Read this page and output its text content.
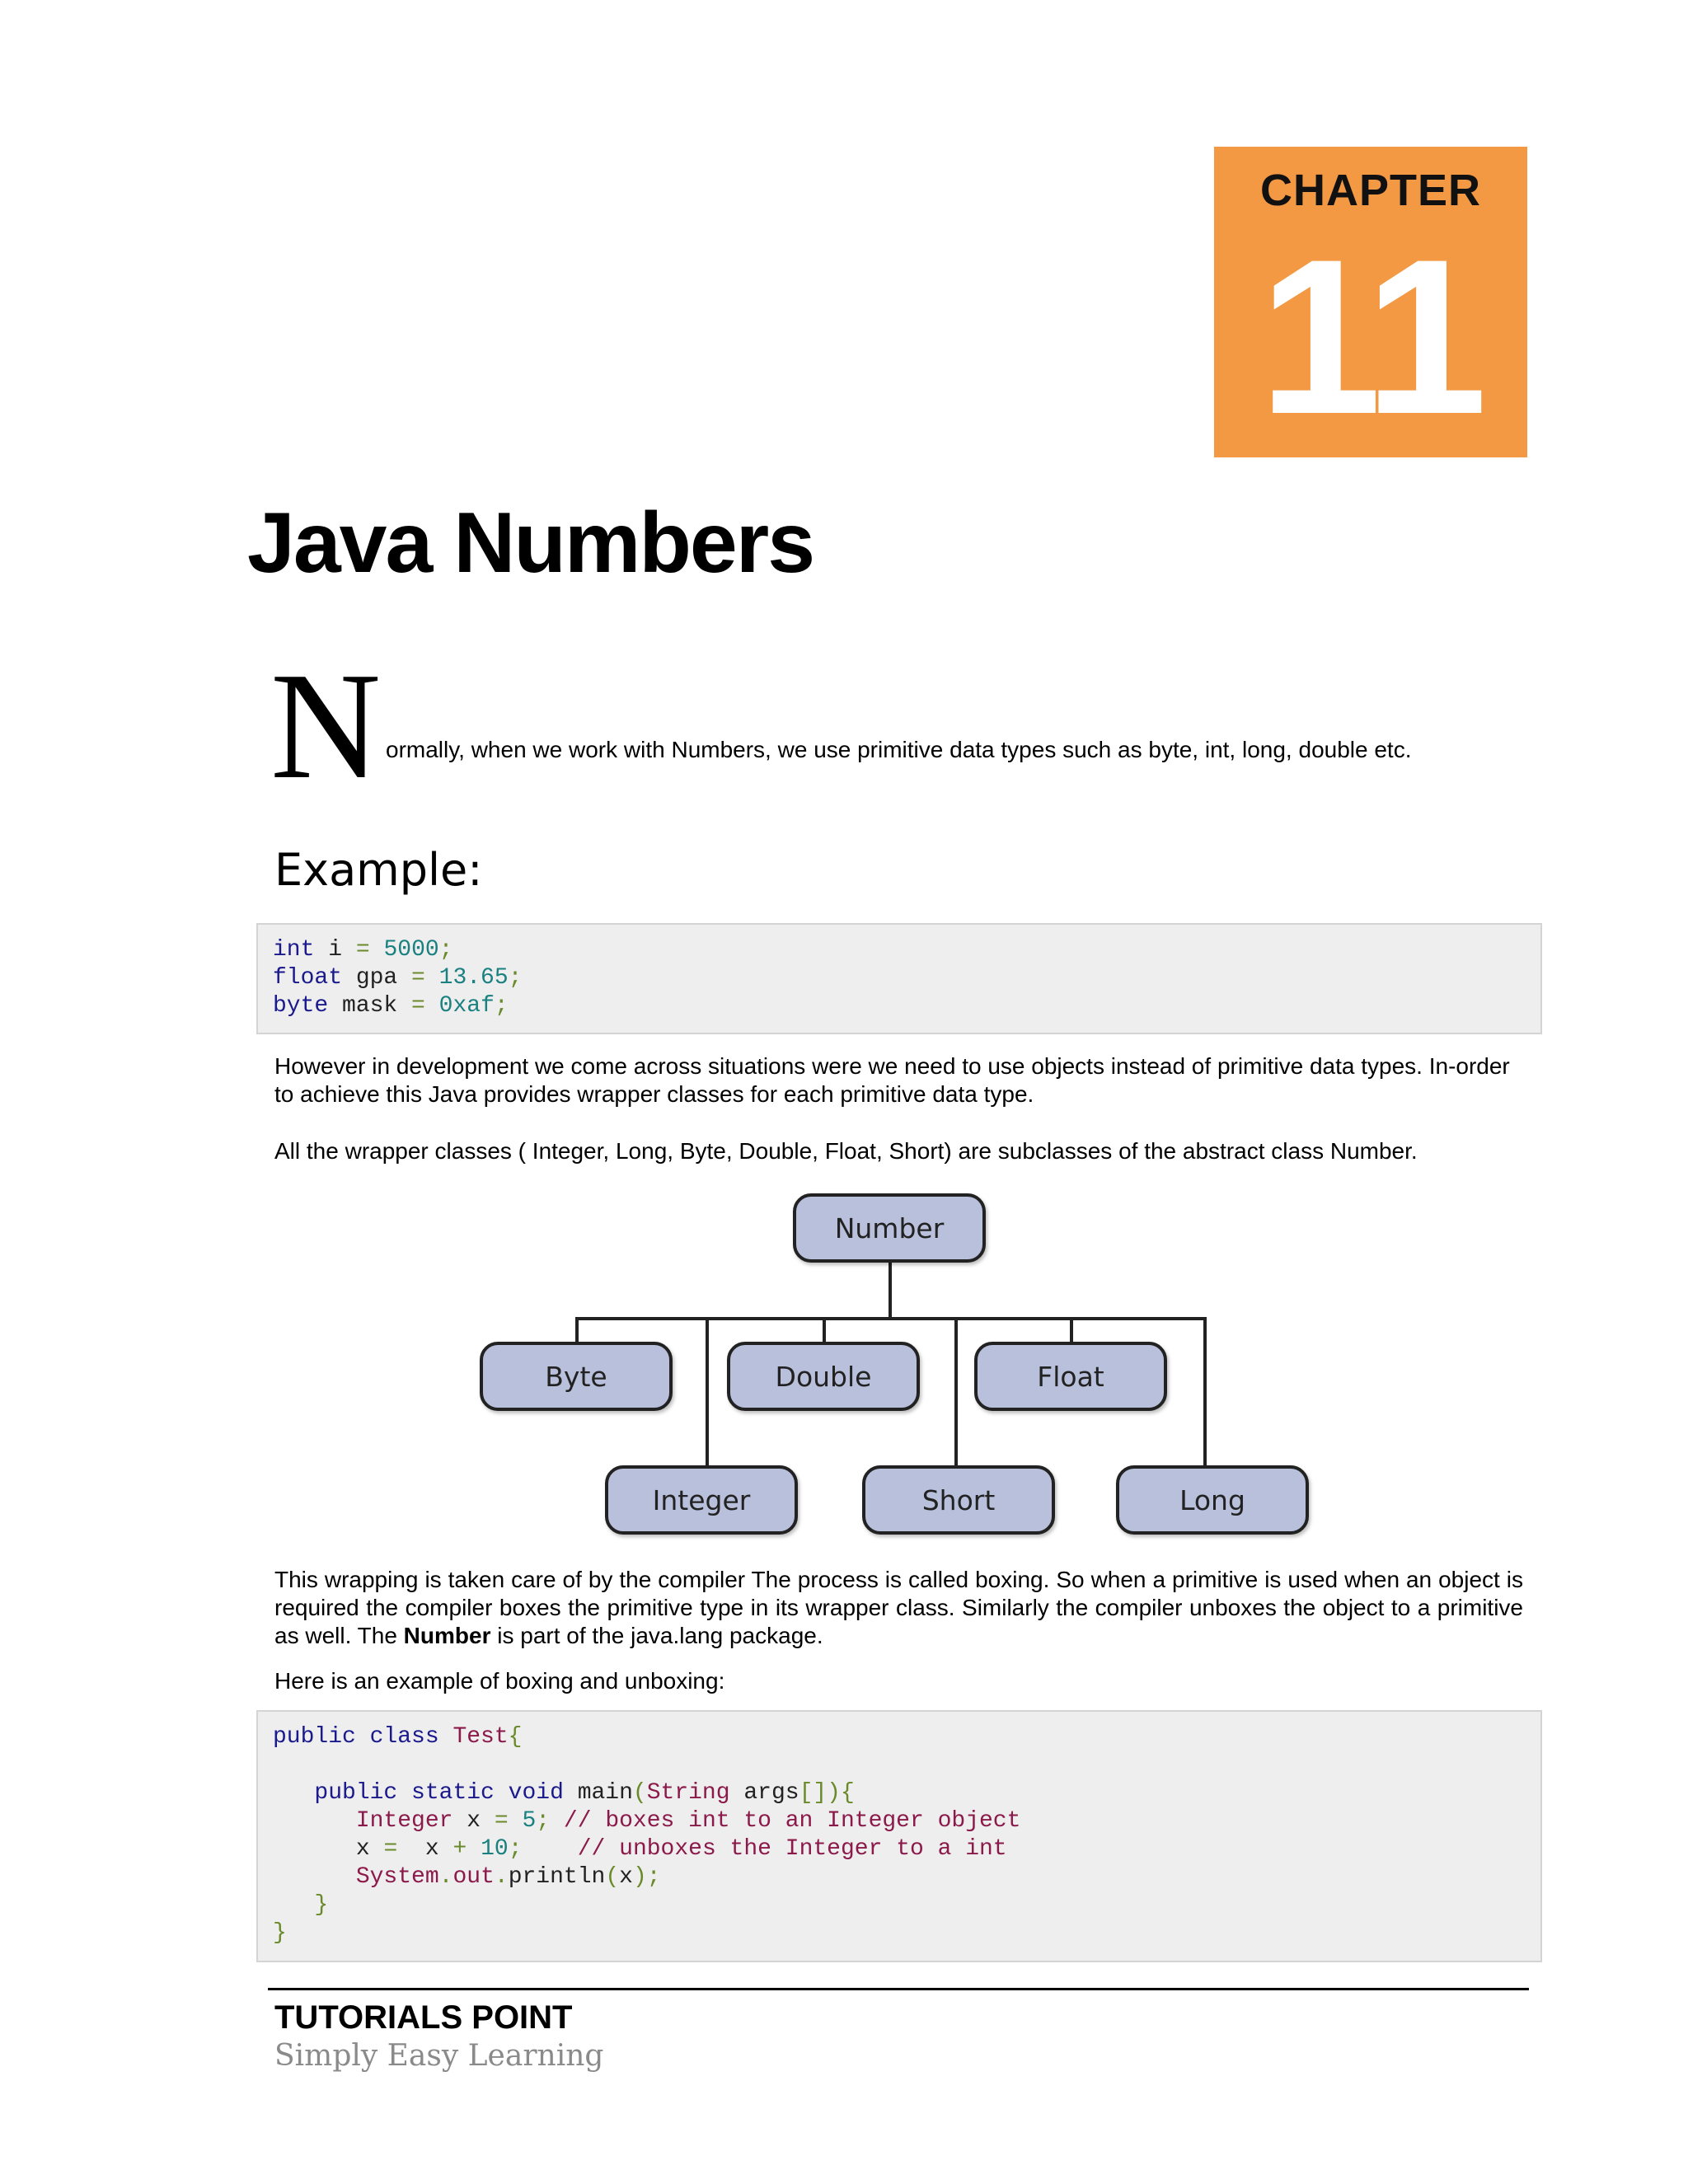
CHAPTER
11
Java Numbers
N ormally, when we work with Numbers, we use primitive data types such as byte, int, long, double etc.
Example:
int i = 5000;
float gpa = 13.65;
byte mask = 0xaf;
However in development we come across situations were we need to use objects instead of primitive data types. In-order to achieve this Java provides wrapper classes for each primitive data type.
All the wrapper classes ( Integer, Long, Byte, Double, Float, Short) are subclasses of the abstract class Number.
Number
Byte	Double	Float
Integer	Short	Long
This wrapping is taken care of by the compiler The process is called boxing. So when a primitive is used when an object is required the compiler boxes the primitive type in its wrapper class. Similarly the compiler unboxes the object to a primitive as well. The Number is part of the java.lang package.
Here is an example of boxing and unboxing:
public class Test{

public static void main(String args[]){
Integer x = 5; // boxes int to an Integer object
x =  x + 10;    // unboxes the Integer to a int
System.out.println(x);
}
}
TUTORIALS POINT
Simply Easy Learning
